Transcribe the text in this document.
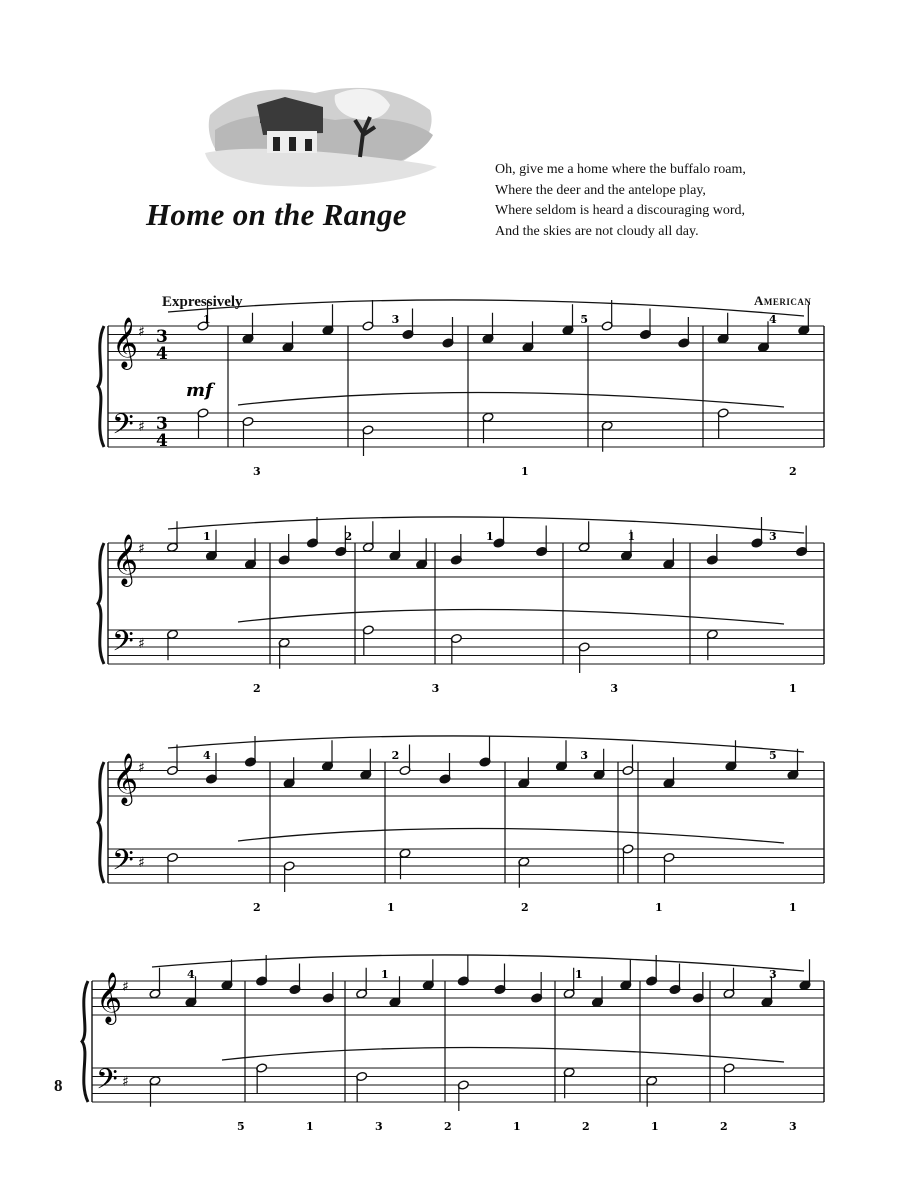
Home on the Range
Oh, give me a home where the buffalo roam,
Where the deer and the antelope play,
Where seldom is heard a discouraging word,
And the skies are not cloudy all day.
Expressively	American
8
𝄞
𝄢
♯
♯
1	3	5	4
3	1	2
3
4
3
4
mf
𝄞
𝄢
♯
♯
1	2	1	1	3
2	3	3	1
𝄞
𝄢
♯
♯
4	2	3	5
2	1	2	1	1
𝄞
𝄢
♯
♯
4	1	1	3
5	1	3	2	1	2	1	2	3
